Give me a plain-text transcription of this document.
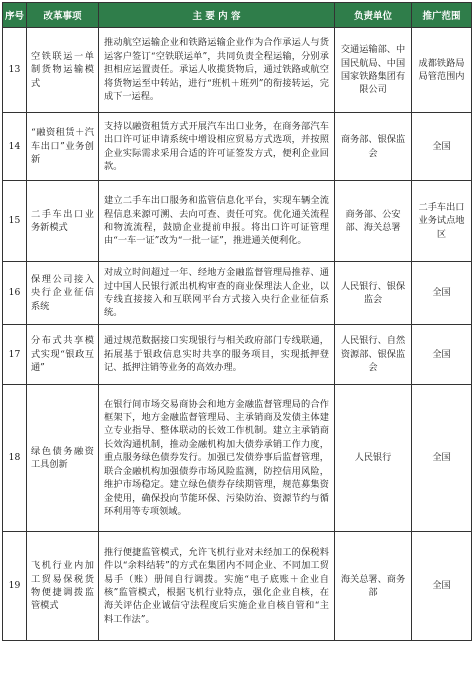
序号	改革事项	主 要 内 容	负责单位	推广范围
13	空铁联运一单制货物运输模式	推动航空运输企业和铁路运输企业作为合作承运人与货运客户签订“空铁联运单”，共同负责全程运输，分别承担相应运置责任。承运人收揽货物后，通过铁路或航空将货物运至中转站，进行“班机＋班列”的衔接转运，完成下一运程。	交通运输部、中国民航局、中国国家铁路集团有限公司	成都铁路局局管范围内
14	“融资租赁＋汽车出口”业务创新	支持以融资租赁方式开展汽车出口业务，在商务部汽车出口许可证申请系统中增设相应贸易方式选项，并按照企业实际需求采用合适的许可证签发方式，便利企业回款。	商务部、银保监会	全国
15	二手车出口业务新模式	建立二手车出口服务和监管信息化平台，实现车辆全流程信息来源可溯、去向可查、责任可究。优化通关流程和物流流程，鼓励企业提前申报。将出口许可证管理由“一车一证”改为“一批一证”，推进通关便利化。	商务部、公安部、海关总署	二手车出口业务试点地区
16	保理公司接入央行企业征信系统	对成立时间超过一年、经地方金融监督管理局推荐、通过中国人民银行派出机构审查的商业保理法人企业，以专线直接接入和互联网平台方式接入央行企业征信系统。	人民银行、银保监会	全国
17	分布式共享模式实现“银政互通”	通过规范数据接口实现银行与相关政府部门专线联通，拓展基于银政信息实时共享的服务项目，实现抵押登记、抵押注销等业务的高效办理。	人民银行、自然资源部、银保监会	全国
18	绿色债务融资工具创新	在银行间市场交易商协会和地方金融监督管理局的合作框架下，地方金融监督管理局、主承销商及发债主体建立专业指导、整体联动的长效工作机制。建立主承销商长效沟通机制，推动金融机构加大债券承销工作力度，重点服务绿色债券发行。加强已发债券事后监督管理，联合金融机构加强债券市场风险监测，防控信用风险，维护市场稳定。建立绿色债券存续期管理，规范募集资金使用，确保投向节能环保、污染防治、资源节约与循环利用等专项领域。	人民银行	全国
19	飞机行业内加工贸易保税货物便捷调拨监管模式	推行便捷监管模式，允许飞机行业对未经加工的保税料件以“余料结转”的方式在集团内不同企业、不同加工贸易手（账）册间自行调拨。实施“电子底账＋企业自核”监管模式，根据飞机行业特点，强化企业自核，在海关评估企业诚信守法程度后实施企业自核自管和“主料工作法”。	海关总署、商务部	全国
